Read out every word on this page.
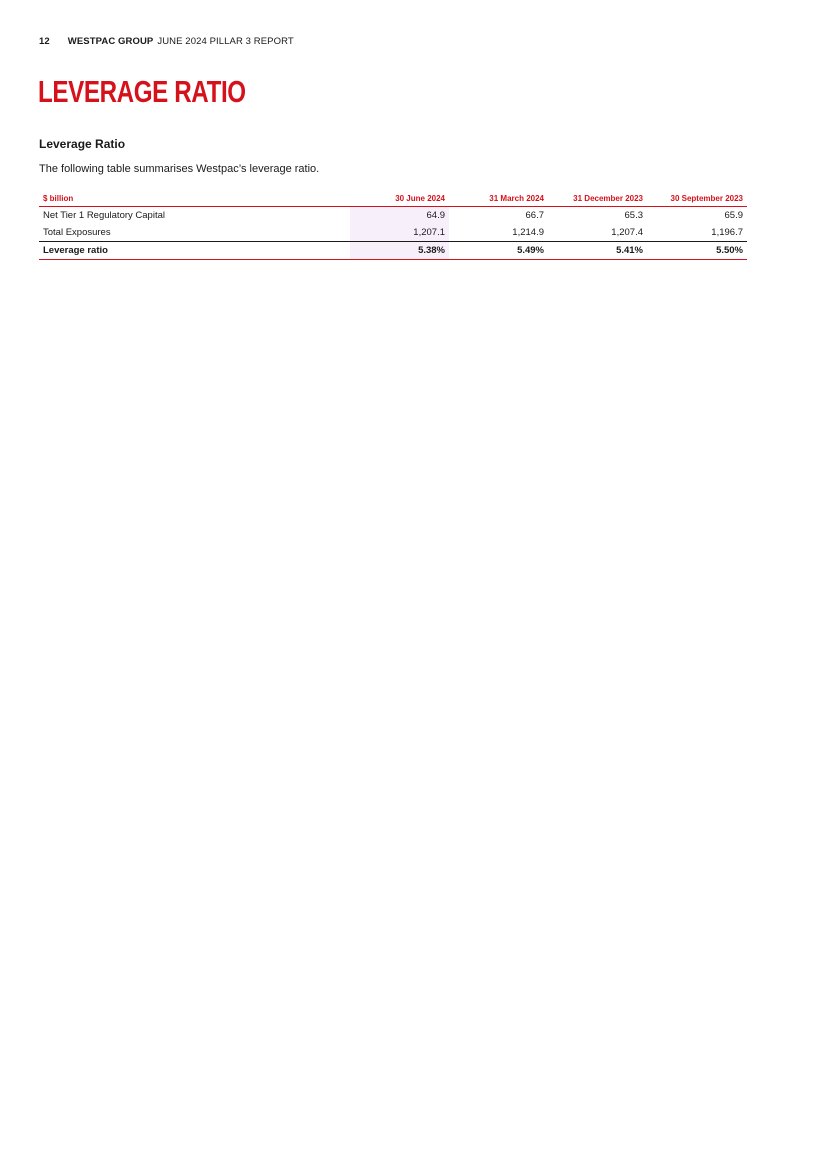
12 WESTPAC GROUP JUNE 2024 PILLAR 3 REPORT
LEVERAGE RATIO
Leverage Ratio

The following table summarises Westpac’s leverage ratio.

$ billion	30 June 2024	31 March 2024	31 December 2023	30 September 2023
Net Tier 1 Regulatory Capital	64.9	66.7	65.3	65.9
Total Exposures	1,207.1	1,214.9	1,207.4	1,196.7
Leverage ratio	5.38%	5.49%	5.41%	5.50%
